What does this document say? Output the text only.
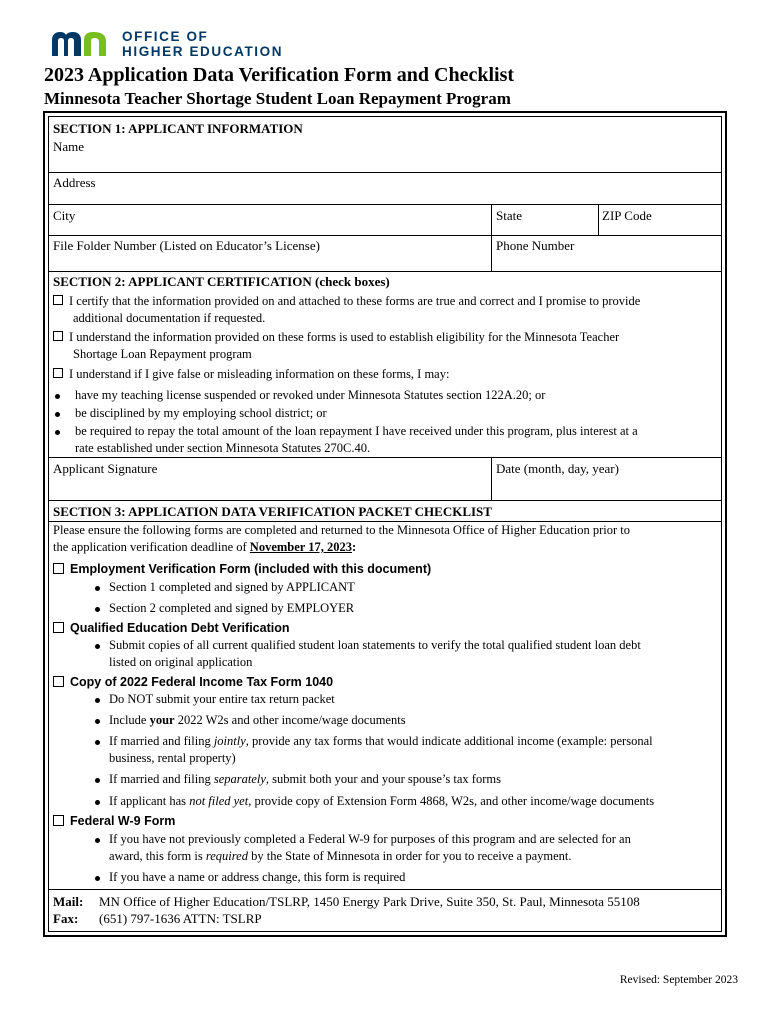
OFFICE OF
HIGHER EDUCATION
2023 Application Data Verification Form and Checklist
Minnesota Teacher Shortage Student Loan Repayment Program
SECTION 1: APPLICANT INFORMATION
Name
Address
City	State	ZIP Code
File Folder Number (Listed on Educator’s License)	Phone Number
SECTION 2: APPLICANT CERTIFICATION (check boxes)
I certify that the information provided on and attached to these forms are true and correct and I promise to provide
additional documentation if requested.
I understand the information provided on these forms is used to establish eligibility for the Minnesota Teacher
Shortage Loan Repayment program
I understand if I give false or misleading information on these forms, I may:
have my teaching license suspended or revoked under Minnesota Statutes section 122A.20; or
be disciplined by my employing school district; or
be required to repay the total amount of the loan repayment I have received under this program, plus interest at a
rate established under section Minnesota Statutes 270C.40.
Applicant Signature	Date (month, day, year)
SECTION 3: APPLICATION DATA VERIFICATION PACKET CHECKLIST
Please ensure the following forms are completed and returned to the Minnesota Office of Higher Education prior to
the application verification deadline of November 17, 2023:
Employment Verification Form (included with this document)
Section 1 completed and signed by APPLICANT
Section 2 completed and signed by EMPLOYER
Qualified Education Debt Verification
Submit copies of all current qualified student loan statements to verify the total qualified student loan debt
listed on original application
Copy of 2022 Federal Income Tax Form 1040
Do NOT submit your entire tax return packet
Include your 2022 W2s and other income/wage documents
If married and filing jointly, provide any tax forms that would indicate additional income (example: personal
business, rental property)
If married and filing separately, submit both your and your spouse’s tax forms
If applicant has not filed yet, provide copy of Extension Form 4868, W2s, and other income/wage documents
Federal W-9 Form
If you have not previously completed a Federal W-9 for purposes of this program and are selected for an
award, this form is required by the State of Minnesota in order for you to receive a payment.
If you have a name or address change, this form is required
Mail: MN Office of Higher Education/TSLRP, 1450 Energy Park Drive, Suite 350, St. Paul, Minnesota 55108
Fax: (651) 797-1636 ATTN: TSLRP
Revised: September 2023
